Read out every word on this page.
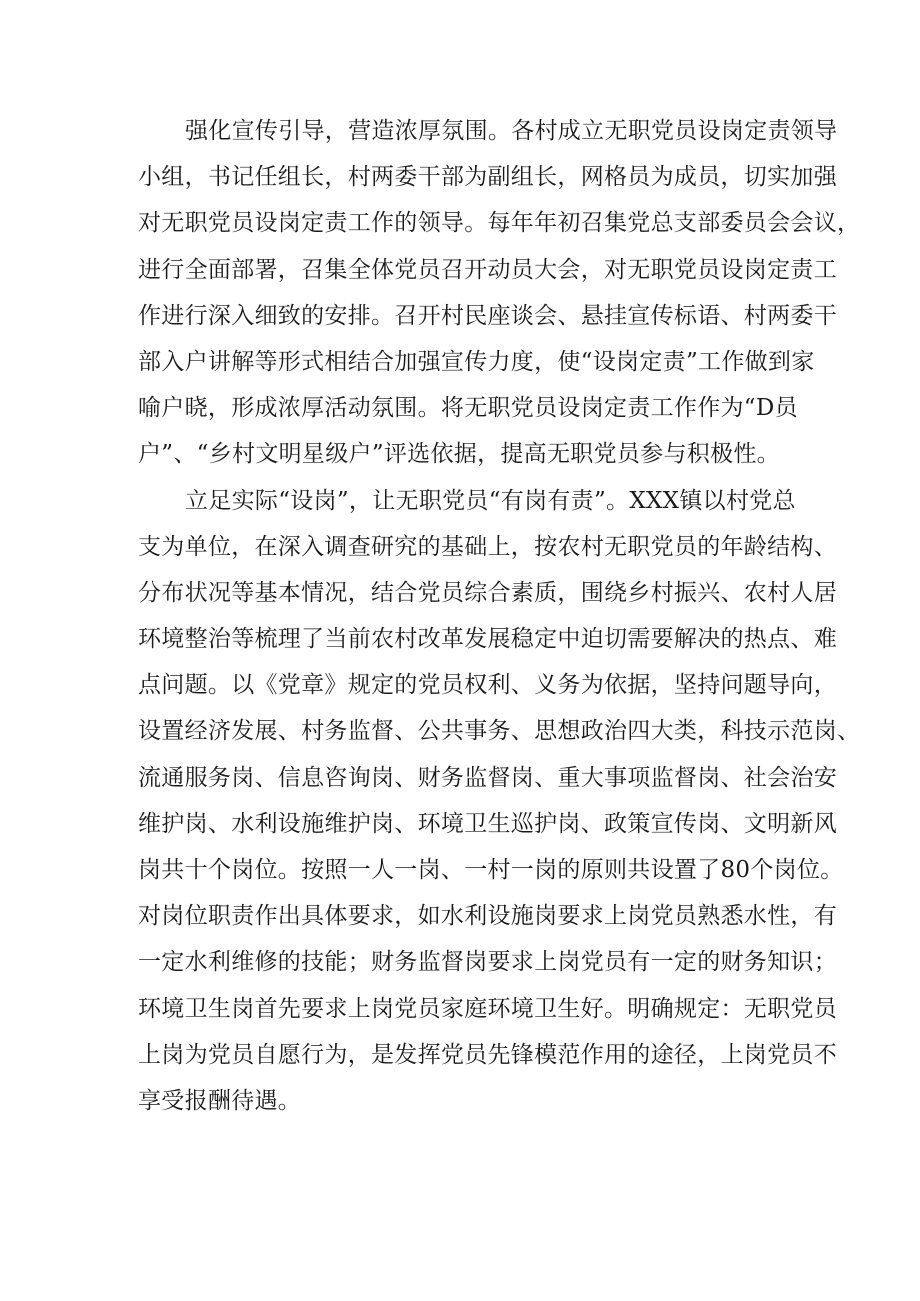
强化宣传引导，营造浓厚氛围。各村成立无职党员设岗定责领导
小组，书记任组长，村两委干部为副组长，网格员为成员，切实加强
对无职党员设岗定责工作的领导。每年年初召集党总支部委员会会议，
进行全面部署，召集全体党员召开动员大会，对无职党员设岗定责工
作进行深入细致的安排。召开村民座谈会、悬挂宣传标语、村两委干
部入户讲解等形式相结合加强宣传力度，使“设岗定责”工作做到家
喻户晓，形成浓厚活动氛围。将无职党员设岗定责工作作为“D员
户”、“乡村文明星级户”评选依据，提高无职党员参与积极性。
立足实际“设岗”，让无职党员“有岗有责”。XXX镇以村党总
支为单位，在深入调查研究的基础上，按农村无职党员的年龄结构、
分布状况等基本情况，结合党员综合素质，围绕乡村振兴、农村人居
环境整治等梳理了当前农村改革发展稳定中迫切需要解决的热点、难
点问题。以《党章》规定的党员权利、义务为依据，坚持问题导向，
设置经济发展、村务监督、公共事务、思想政治四大类，科技示范岗、
流通服务岗、信息咨询岗、财务监督岗、重大事项监督岗、社会治安
维护岗、水利设施维护岗、环境卫生巡护岗、政策宣传岗、文明新风
岗共十个岗位。按照一人一岗、一村一岗的原则共设置了80个岗位。
对岗位职责作出具体要求，如水利设施岗要求上岗党员熟悉水性，有
一定水利维修的技能；财务监督岗要求上岗党员有一定的财务知识；
环境卫生岗首先要求上岗党员家庭环境卫生好。明确规定：无职党员
上岗为党员自愿行为，是发挥党员先锋模范作用的途径，上岗党员不
享受报酬待遇。
